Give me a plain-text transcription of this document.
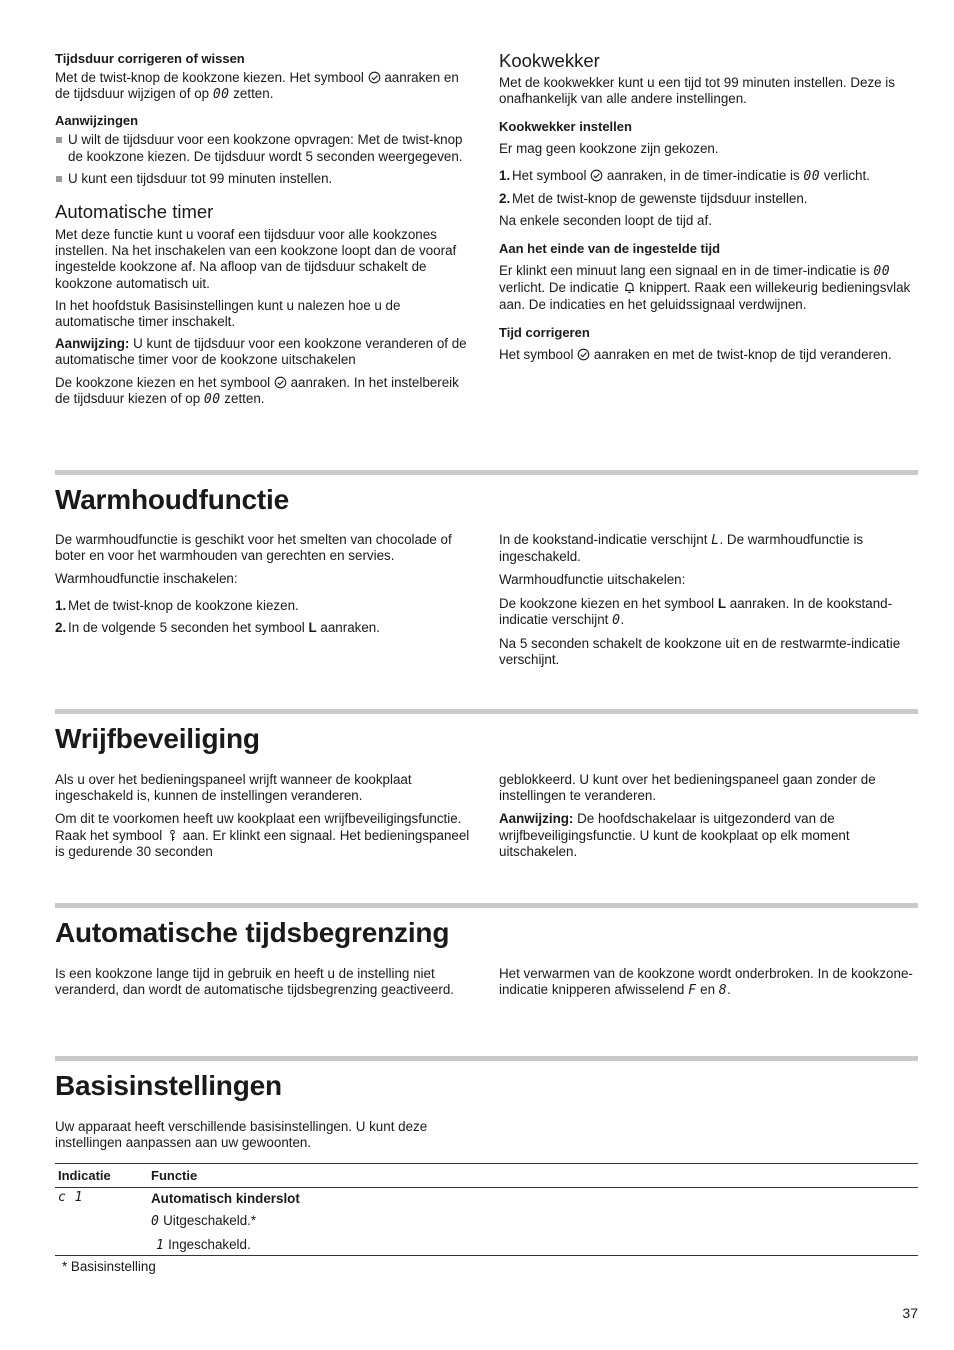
Tijdsduur corrigeren of wissen

Met de twist-knop de kookzone kiezen. Het symbool aanraken en de tijdsduur wijzigen of op 00 zetten.

Aanwijzingen
U wilt de tijdsduur voor een kookzone opvragen: Met de twist-knop de kookzone kiezen. De tijdsduur wordt 5 seconden weergegeven.
U kunt een tijdsduur tot 99 minuten instellen.
Automatische timer

Met deze functie kunt u vooraf een tijdsduur voor alle kookzones instellen. Na het inschakelen van een kookzone loopt dan de vooraf ingestelde kookzone af. Na afloop van de tijdsduur schakelt de kookzone automatisch uit.

In het hoofdstuk Basisinstellingen kunt u nalezen hoe u de automatische timer inschakelt.

Aanwijzing: U kunt de tijdsduur voor een kookzone veranderen of de automatische timer voor de kookzone uitschakelen

De kookzone kiezen en het symbool aanraken. In het instelbereik de tijdsduur kiezen of op 00 zetten.

Kookwekker

Met de kookwekker kunt u een tijd tot 99 minuten instellen. Deze is onafhankelijk van alle andere instellingen.

Kookwekker instellen

Er mag geen kookzone zijn gekozen.

1. Het symbool aanraken, in de timer-indicatie is 00 verlicht.
2. Met de twist-knop de gewenste tijdsduur instellen.

Na enkele seconden loopt de tijd af.

Aan het einde van de ingestelde tijd

Er klinkt een minuut lang een signaal en in de timer-indicatie is 00 verlicht. De indicatie knippert. Raak een willekeurig bedieningsvlak aan. De indicaties en het geluidssignaal verdwijnen.

Tijd corrigeren

Het symbool aanraken en met de twist-knop de tijd veranderen.

Warmhoudfunctie

De warmhoudfunctie is geschikt voor het smelten van chocolade of boter en voor het warmhouden van gerechten en servies.

Warmhoudfunctie inschakelen:

1. Met de twist-knop de kookzone kiezen.
2. In de volgende 5 seconden het symbool L aanraken.

In de kookstand-indicatie verschijnt L. De warmhoudfunctie is ingeschakeld.

Warmhoudfunctie uitschakelen:

De kookzone kiezen en het symbool L aanraken. In de kookstand-indicatie verschijnt 0.

Na 5 seconden schakelt de kookzone uit en de restwarmte-indicatie verschijnt.

Wrijfbeveiliging

Als u over het bedieningspaneel wrijft wanneer de kookplaat ingeschakeld is, kunnen de instellingen veranderen.

Om dit te voorkomen heeft uw kookplaat een wrijfbeveiligingsfunctie. Raak het symbool aan. Er klinkt een signaal. Het bedieningspaneel is gedurende 30 seconden

geblokkeerd. U kunt over het bedieningspaneel gaan zonder de instellingen te veranderen.

Aanwijzing: De hoofdschakelaar is uitgezonderd van de wrijfbeveiligingsfunctie. U kunt de kookplaat op elk moment uitschakelen.

Automatische tijdsbegrenzing

Is een kookzone lange tijd in gebruik en heeft u de instelling niet veranderd, dan wordt de automatische tijdsbegrenzing geactiveerd.

Het verwarmen van de kookzone wordt onderbroken. In de kookzone-indicatie knipperen afwisselend F en 8.

Basisinstellingen

Uw apparaat heeft verschillende basisinstellingen. U kunt deze instellingen aanpassen aan uw gewoonten.

Indicatie	Functie
c 1	Automatisch kinderslot
0 Uitgeschakeld.*
1 Ingeschakeld.
* Basisinstelling
37
